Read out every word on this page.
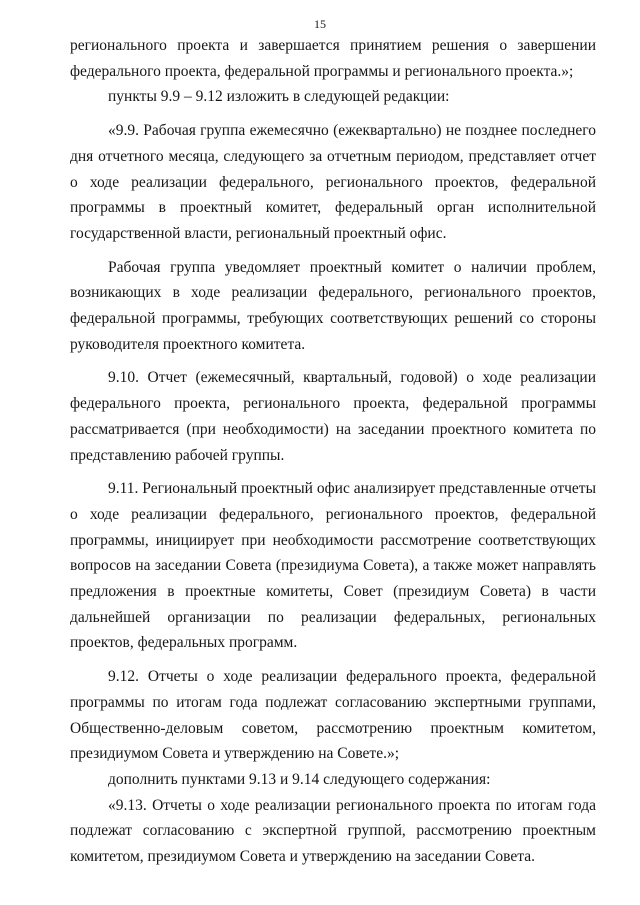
15

регионального проекта и завершается принятием решения о завершении федерального проекта, федеральной программы и регионального проекта.»;

пункты 9.9 – 9.12 изложить в следующей редакции:

«9.9. Рабочая группа ежемесячно (ежеквартально) не позднее последнего дня отчетного месяца, следующего за отчетным периодом, представляет отчет о ходе реализации федерального, регионального проектов, федеральной программы в проектный комитет, федеральный орган исполнительной государственной власти, региональный проектный офис.

Рабочая группа уведомляет проектный комитет о наличии проблем, возникающих в ходе реализации федерального, регионального проектов, федеральной программы, требующих соответствующих решений со стороны руководителя проектного комитета.

9.10. Отчет (ежемесячный, квартальный, годовой) о ходе реализации федерального проекта, регионального проекта, федеральной программы рассматривается (при необходимости) на заседании проектного комитета по представлению рабочей группы.

9.11. Региональный проектный офис анализирует представленные отчеты о ходе реализации федерального, регионального проектов, федеральной программы, инициирует при необходимости рассмотрение соответствующих вопросов на заседании Совета (президиума Совета), а также может направлять предложения в проектные комитеты, Совет (президиум Совета) в части дальнейшей организации по реализации федеральных, региональных проектов, федеральных программ.

9.12. Отчеты о ходе реализации федерального проекта, федеральной программы по итогам года подлежат согласованию экспертными группами, Общественно-деловым советом, рассмотрению проектным комитетом, президиумом Совета и утверждению на Совете.»;

дополнить пунктами 9.13 и 9.14 следующего содержания:

«9.13. Отчеты о ходе реализации регионального проекта по итогам года подлежат согласованию с экспертной группой, рассмотрению проектным комитетом, президиумом Совета и утверждению на заседании Совета.
